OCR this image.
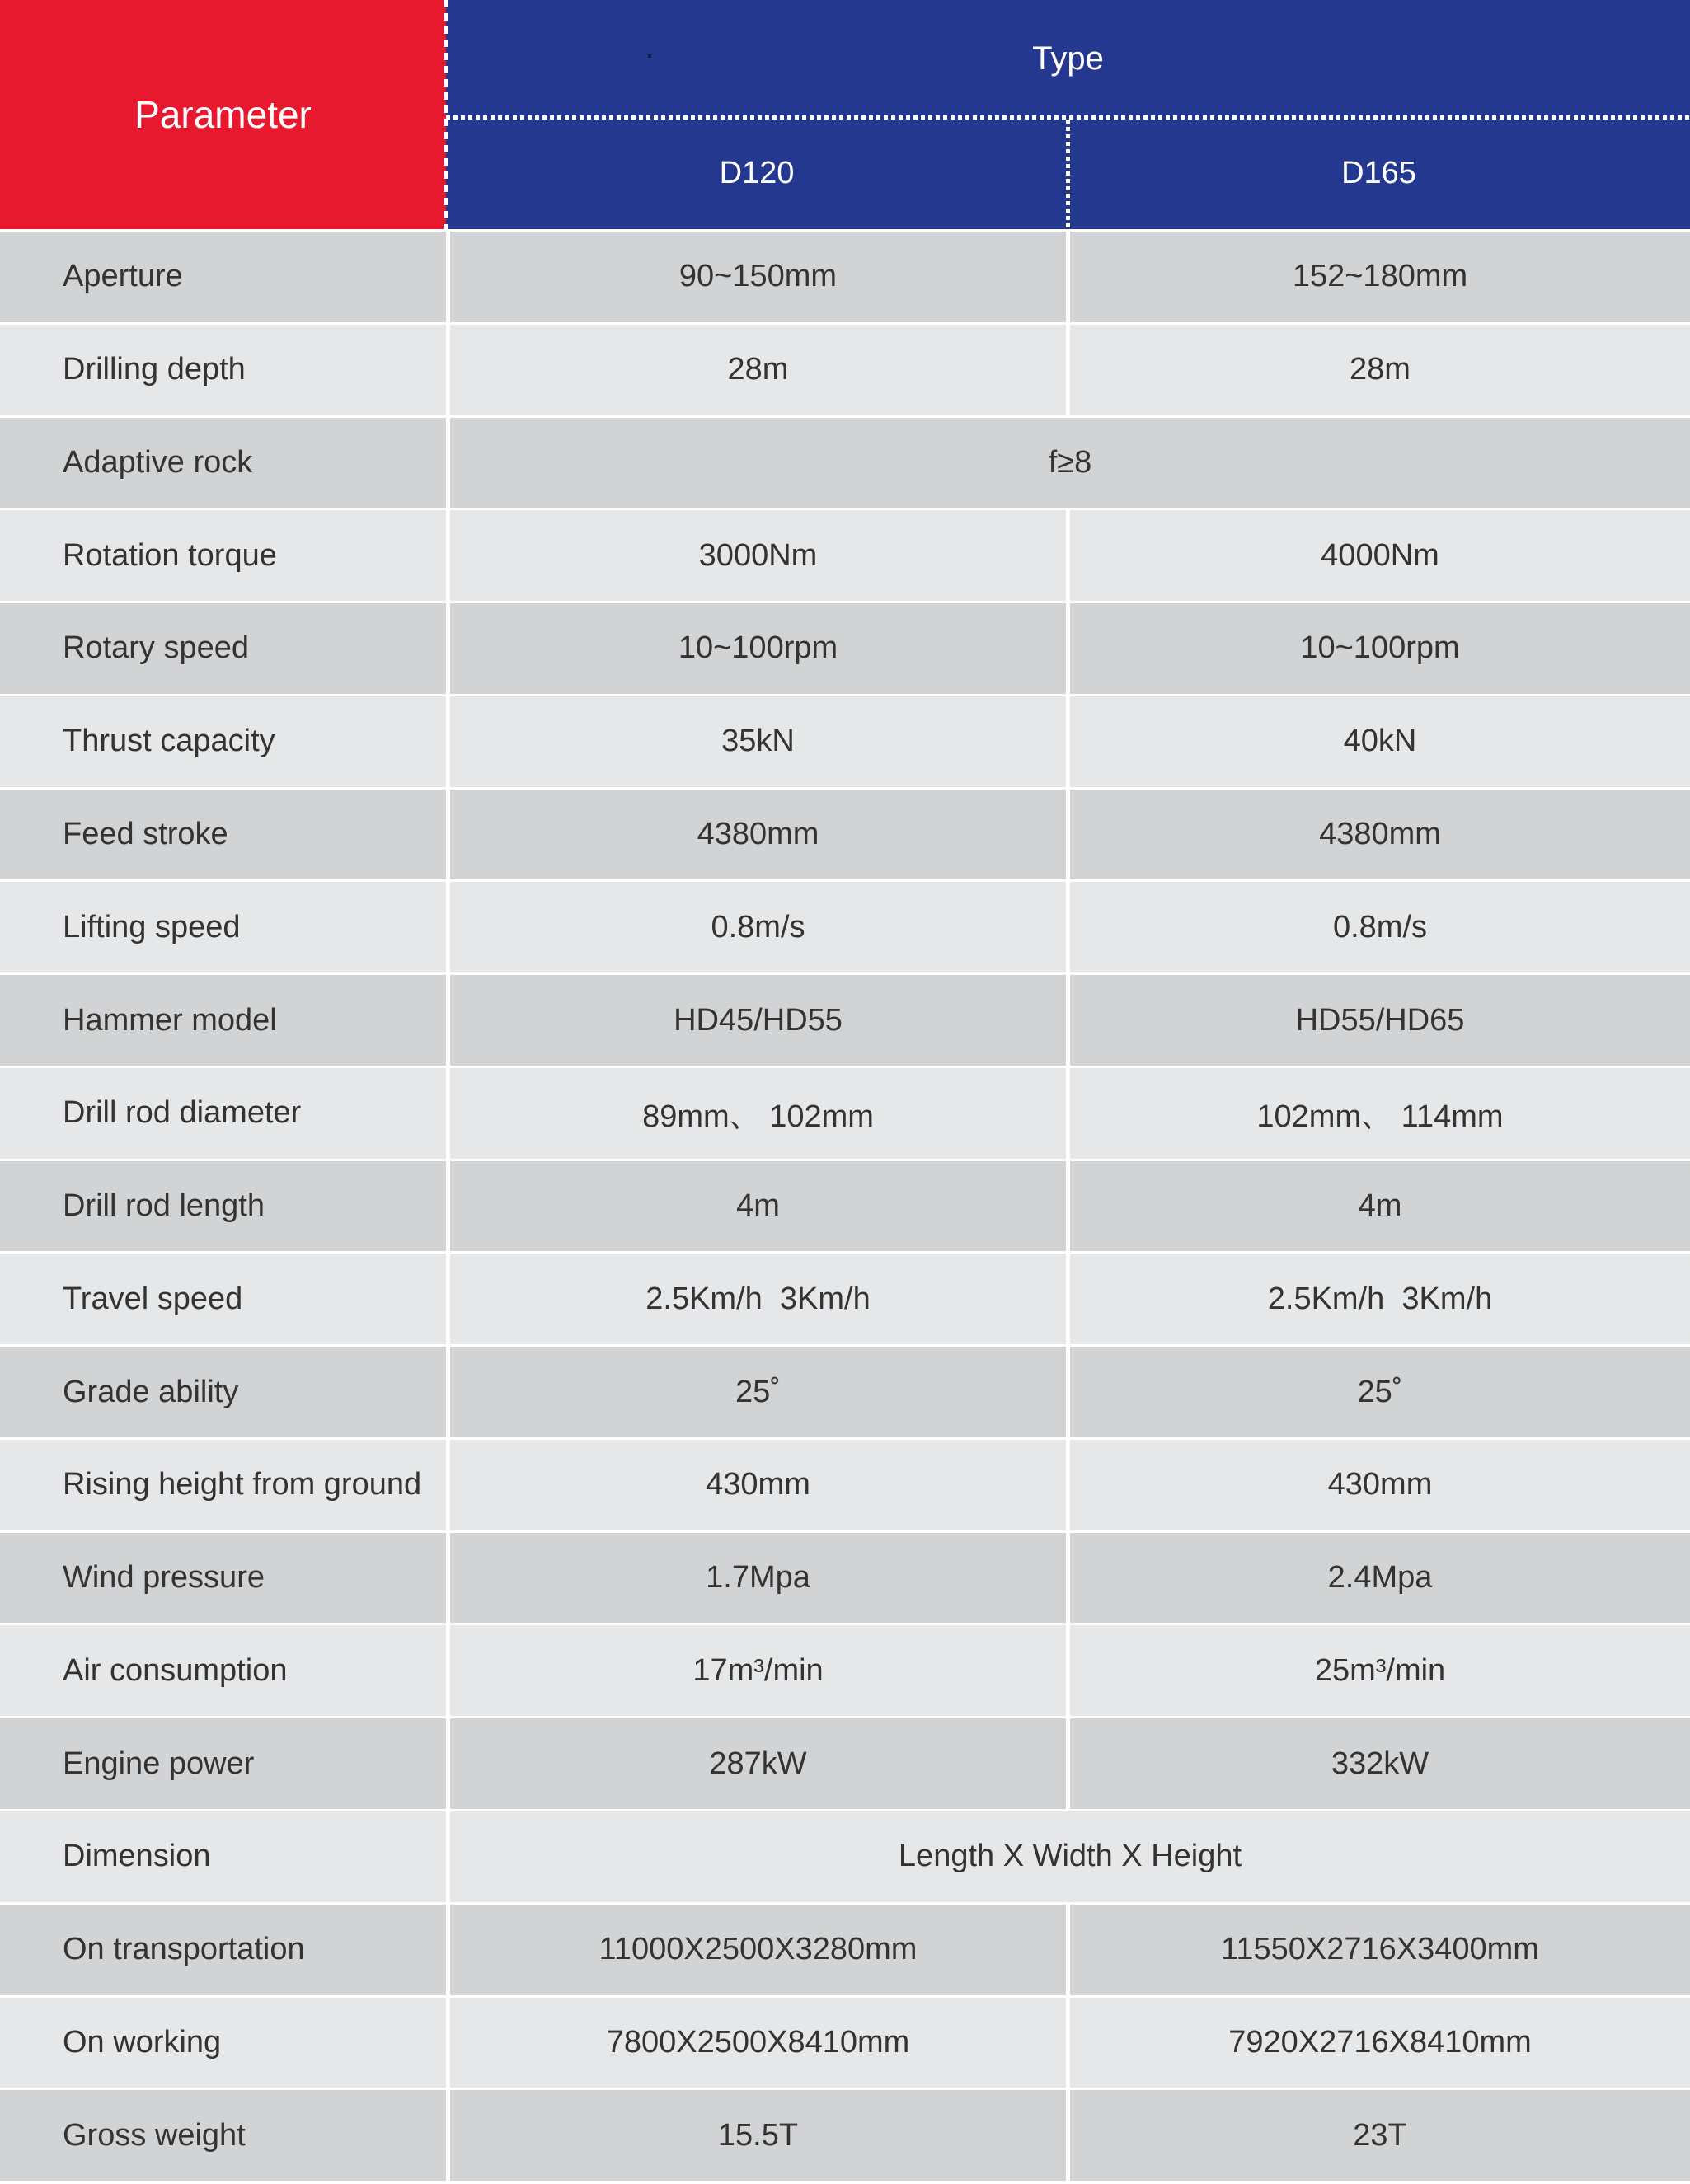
Parameter
Type
D120	D165
Aperture	90~150mm	152~180mm
Drilling depth	28m	28m
Adaptive rock	f≥8
Rotation torque	3000Nm	4000Nm
Rotary speed	10~100rpm	10~100rpm
Thrust capacity	35kN	40kN
Feed stroke	4380mm	4380mm
Lifting speed	0.8m/s	0.8m/s
Hammer model	HD45/HD55	HD55/HD65
Drill rod diameter	89mm、 102mm	102mm、 114mm
Drill rod length	4m	4m
Travel speed	2.5Km/h  3Km/h	2.5Km/h  3Km/h
Grade ability	25˚	25˚
Rising height from ground	430mm	430mm
Wind pressure	1.7Mpa	2.4Mpa
Air consumption	17m³/min	25m³/min
Engine power	287kW	332kW
Dimension	Length X Width X Height
On transportation	11000X2500X3280mm	11550X2716X3400mm
On working	7800X2500X8410mm	7920X2716X8410mm
Gross weight	15.5T	23T
